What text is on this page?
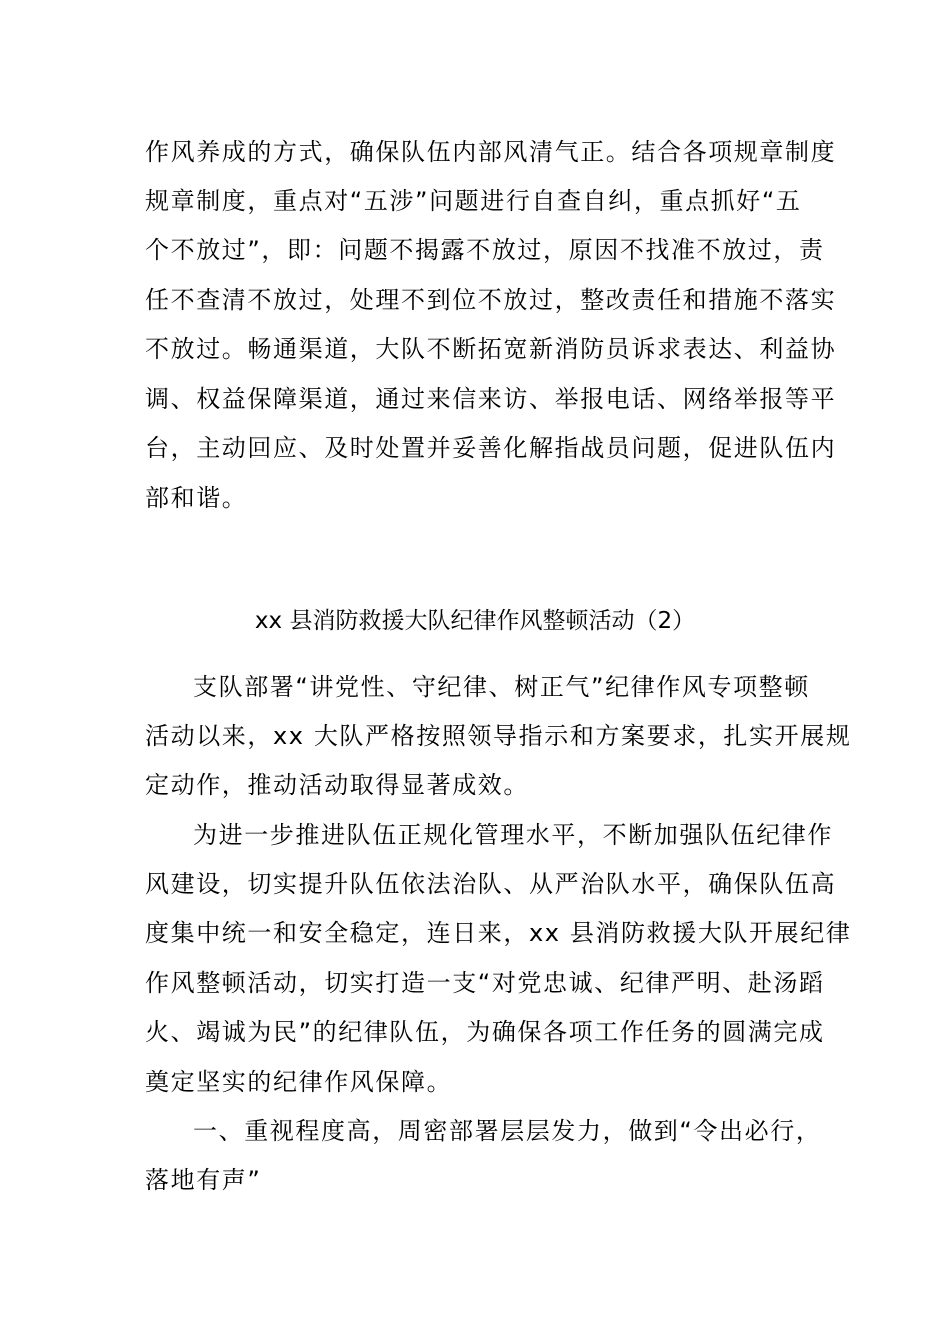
作风养成的方式，确保队伍内部风清气正。结合各项规章制度
规章制度，重点对“五涉”问题进行自查自纠，重点抓好“五
个不放过”，即：问题不揭露不放过，原因不找准不放过，责
任不查清不放过，处理不到位不放过，整改责任和措施不落实
不放过。畅通渠道，大队不断拓宽新消防员诉求表达、利益协
调、权益保障渠道，通过来信来访、举报电话、网络举报等平
台，主动回应、及时处置并妥善化解指战员问题，促进队伍内
部和谐。
xx 县消防救援大队纪律作风整顿活动（2）
支队部署“讲党性、守纪律、树正气”纪律作风专项整顿
活动以来，xx 大队严格按照领导指示和方案要求，扎实开展规
定动作，推动活动取得显著成效。
为进一步推进队伍正规化管理水平，不断加强队伍纪律作
风建设，切实提升队伍依法治队、从严治队水平，确保队伍高
度集中统一和安全稳定，连日来，xx 县消防救援大队开展纪律
作风整顿活动，切实打造一支“对党忠诚、纪律严明、赴汤蹈
火、竭诚为民”的纪律队伍，为确保各项工作任务的圆满完成
奠定坚实的纪律作风保障。
一、重视程度高，周密部署层层发力，做到“令出必行，
落地有声”
